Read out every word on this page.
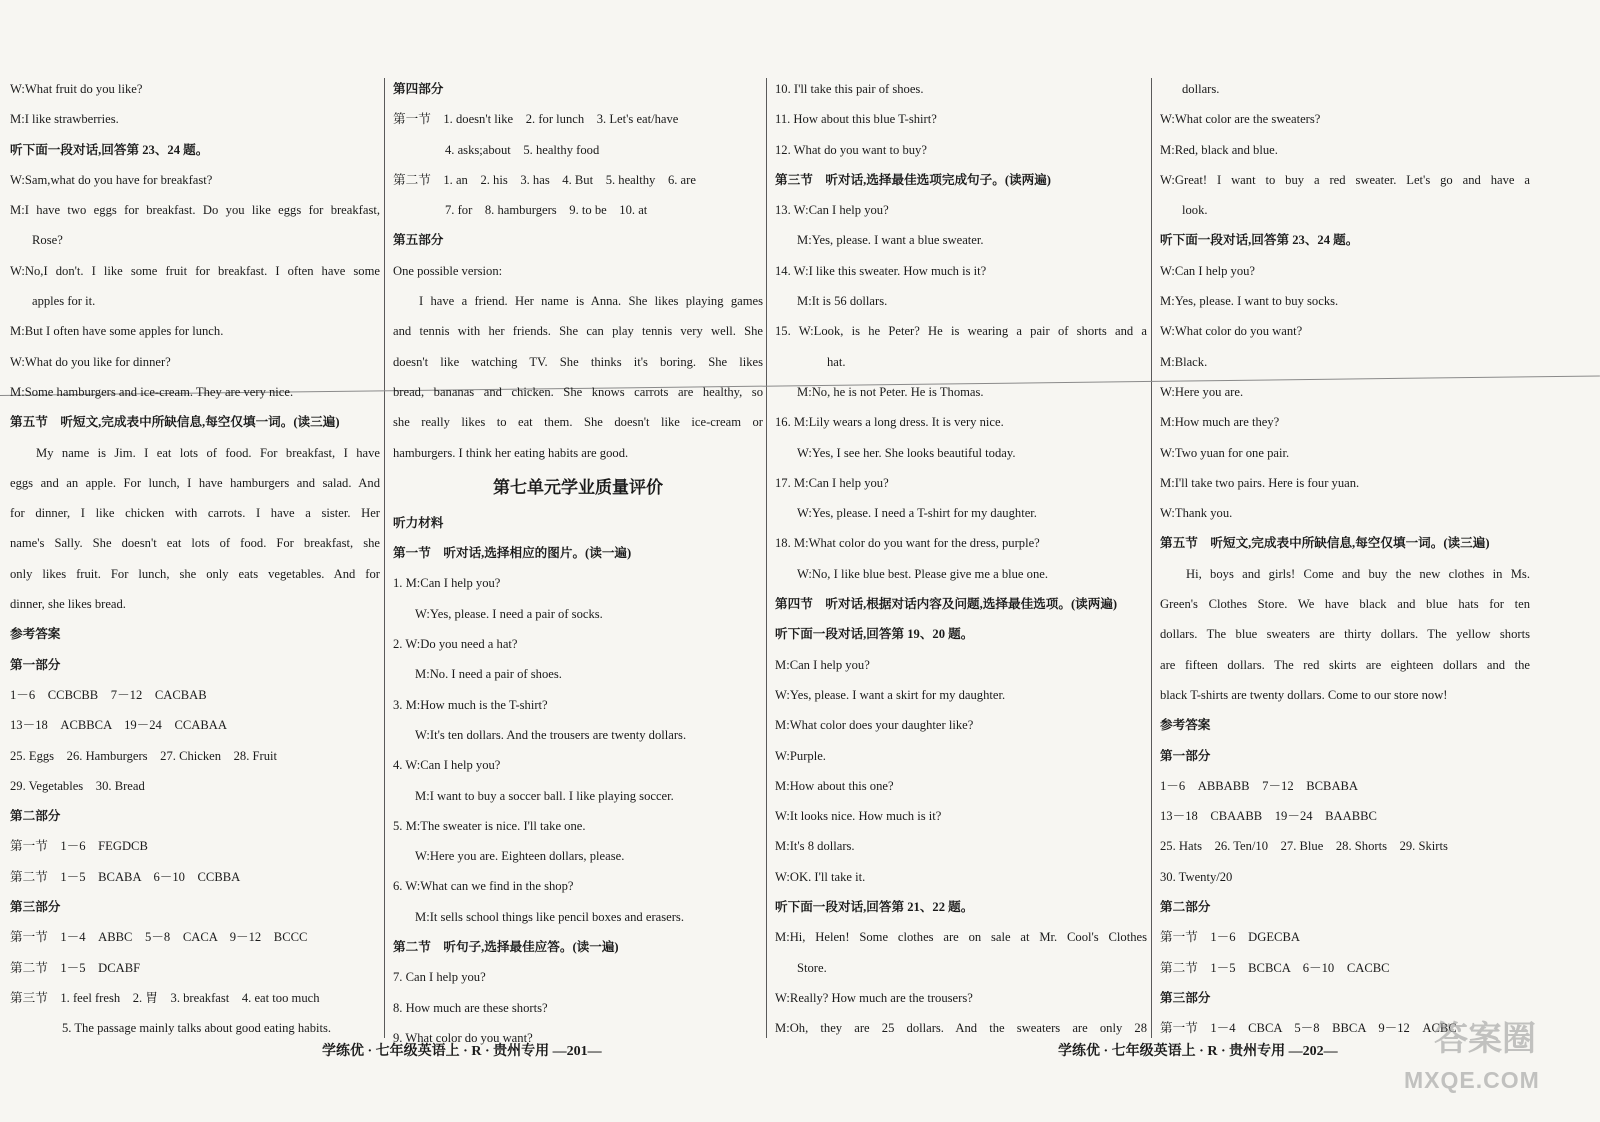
W:What fruit do you like?
M:I like strawberries.
听下面一段对话,回答第 23、24 题。
W:Sam,what do you have for breakfast?
M:I have two eggs for breakfast. Do you like eggs for breakfast,
Rose?
W:No,I don't. I like some fruit for breakfast. I often have some
apples for it.
M:But I often have some apples for lunch.
W:What do you like for dinner?
M:Some hamburgers and ice-cream. They are very nice.
第五节　听短文,完成表中所缺信息,每空仅填一词。(读三遍)
My name is Jim. I eat lots of food. For breakfast, I have
eggs and an apple. For lunch, I have hamburgers and salad. And
for dinner, I like chicken with carrots. I have a sister. Her
name's Sally. She doesn't eat lots of food. For breakfast, she
only likes fruit. For lunch, she only eats vegetables. And for
dinner, she likes bread.
参考答案
第一部分
1－6　CCBCBB　7－12　CACBAB
13－18　ACBBCA　19－24　CCABAA
25. Eggs　26. Hamburgers　27. Chicken　28. Fruit
29. Vegetables　30. Bread
第二部分
第一节　1－6　FEGDCB
第二节　1－5　BCABA　6－10　CCBBA
第三部分
第一节　1－4　ABBC　5－8　CACA　9－12　BCCC
第二节　1－5　DCABF
第三节　1. feel fresh　2. 胃　3. breakfast　4. eat too much
5. The passage mainly talks about good eating habits.
第四部分
第一节　1. doesn't like　2. for lunch　3. Let's eat/have
4. asks;about　5. healthy food
第二节　1. an　2. his　3. has　4. But　5. healthy　6. are
7. for　8. hamburgers　9. to be　10. at
第五部分
One possible version:
I have a friend. Her name is Anna. She likes playing games
and tennis with her friends. She can play tennis very well. She
doesn't like watching TV. She thinks it's boring. She likes
bread, bananas and chicken. She knows carrots are healthy, so
she really likes to eat them. She doesn't like ice-cream or
hamburgers. I think her eating habits are good.
第七单元学业质量评价
听力材料
第一节　听对话,选择相应的图片。(读一遍)
1. M:Can I help you?
W:Yes, please. I need a pair of socks.
2. W:Do you need a hat?
M:No. I need a pair of shoes.
3. M:How much is the T-shirt?
W:It's ten dollars. And the trousers are twenty dollars.
4. W:Can I help you?
M:I want to buy a soccer ball. I like playing soccer.
5. M:The sweater is nice. I'll take one.
W:Here you are. Eighteen dollars, please.
6. W:What can we find in the shop?
M:It sells school things like pencil boxes and erasers.
第二节　听句子,选择最佳应答。(读一遍)
7. Can I help you?
8. How much are these shorts?
9. What color do you want?
10. I'll take this pair of shoes.
11. How about this blue T-shirt?
12. What do you want to buy?
第三节　听对话,选择最佳选项完成句子。(读两遍)
13. W:Can I help you?
M:Yes, please. I want a blue sweater.
14. W:I like this sweater. How much is it?
M:It is 56 dollars.
15. W:Look, is he Peter? He is wearing a pair of shorts and a
hat.
M:No, he is not Peter. He is Thomas.
16. M:Lily wears a long dress. It is very nice.
W:Yes, I see her. She looks beautiful today.
17. M:Can I help you?
W:Yes, please. I need a T-shirt for my daughter.
18. M:What color do you want for the dress, purple?
W:No, I like blue best. Please give me a blue one.
第四节　听对话,根据对话内容及问题,选择最佳选项。(读两遍)
听下面一段对话,回答第 19、20 题。
M:Can I help you?
W:Yes, please. I want a skirt for my daughter.
M:What color does your daughter like?
W:Purple.
M:How about this one?
W:It looks nice. How much is it?
M:It's 8 dollars.
W:OK. I'll take it.
听下面一段对话,回答第 21、22 题。
M:Hi, Helen! Some clothes are on sale at Mr. Cool's Clothes
Store.
W:Really? How much are the trousers?
M:Oh, they are 25 dollars. And the sweaters are only 28
dollars.
W:What color are the sweaters?
M:Red, black and blue.
W:Great! I want to buy a red sweater. Let's go and have a
look.
听下面一段对话,回答第 23、24 题。
W:Can I help you?
M:Yes, please. I want to buy socks.
W:What color do you want?
M:Black.
W:Here you are.
M:How much are they?
W:Two yuan for one pair.
M:I'll take two pairs. Here is four yuan.
W:Thank you.
第五节　听短文,完成表中所缺信息,每空仅填一词。(读三遍)
Hi, boys and girls! Come and buy the new clothes in Ms.
Green's Clothes Store. We have black and blue hats for ten
dollars. The blue sweaters are thirty dollars. The yellow shorts
are fifteen dollars. The red skirts are eighteen dollars and the
black T-shirts are twenty dollars. Come to our store now!
参考答案
第一部分
1－6　ABBABB　7－12　BCBABA
13－18　CBAABB　19－24　BAABBC
25. Hats　26. Ten/10　27. Blue　28. Shorts　29. Skirts
30. Twenty/20
第二部分
第一节　1－6　DGECBA
第二节　1－5　BCBCA　6－10　CACBC
第三部分
第一节　1－4　CBCA　5－8　BBCA　9－12　ACBC
学练优 · 七年级英语上 · R · 贵州专用 —201—	学练优 · 七年级英语上 · R · 贵州专用 —202—	答案圈
MXQE.COM
